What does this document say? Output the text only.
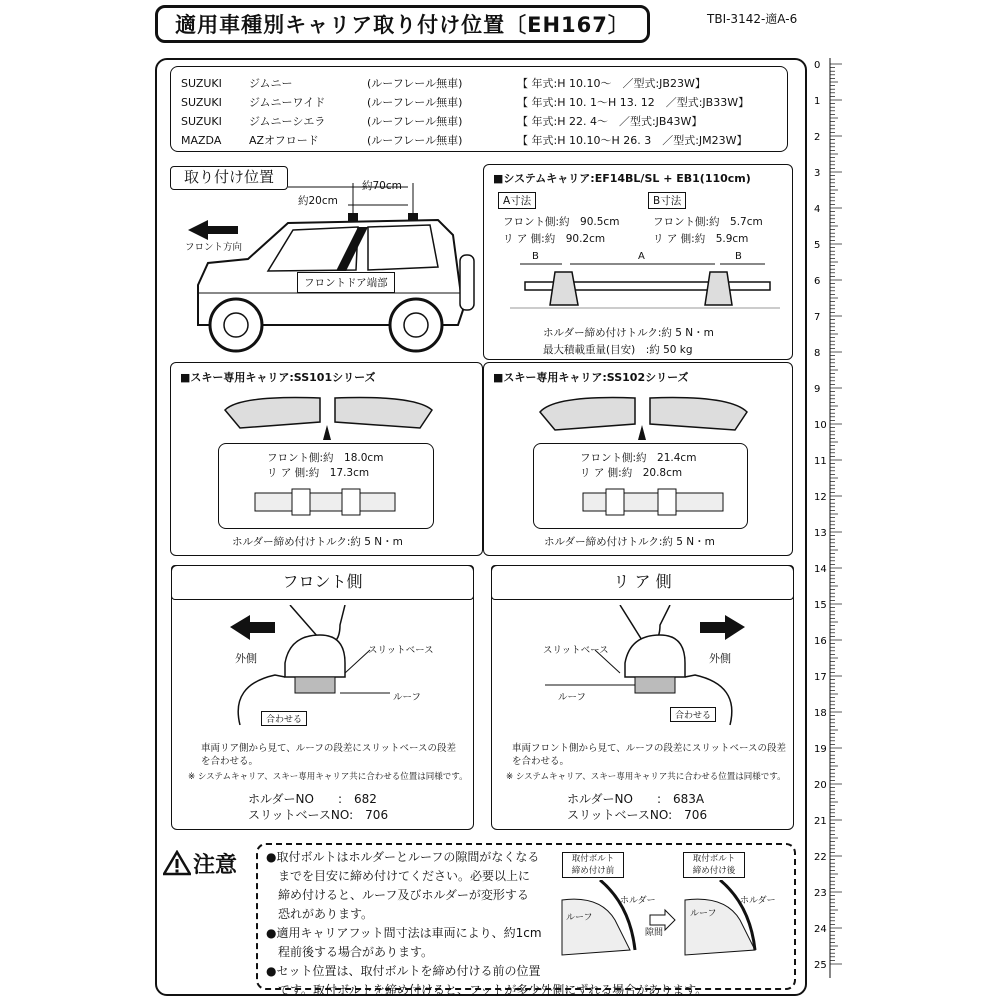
適用車種別キャリア取り付け位置〔EH167〕	TBI-3142-適A-6
SUZUKI ジムニー	(ルーフレール無車)	【 年式:H 10.10〜　／型式:JB23W】
SUZUKI ジムニーワイド	(ルーフレール無車)	【 年式:H 10. 1〜H 13. 12　／型式:JB33W】
SUZUKI ジムニーシエラ	(ルーフレール無車)	【 年式:H 22. 4〜　／型式:JB43W】
MAZDA	AZオフロード	(ルーフレール無車)	【 年式:H 10.10〜H 26. 3　／型式:JM23W】
取り付け位置
約20cm
約70cm
フロント方向
フロントドア端部
■システムキャリア:EF14BL/SL + EB1(110cm)
A寸法	B寸法
フロント側:約　90.5cm
リ ア 側:約　90.2cm
フロント側:約　5.7cm
リ ア 側:約　5.9cm
B	A	B
ホルダー締め付けトルク:約 5 N・m
最大積載重量(目安)　:約 50 kg
■スキー専用キャリア:SS101シリーズ	■スキー専用キャリア:SS102シリーズ
フロント側:約　18.0cm
リ ア 側:約　17.3cm
フロント側:約　21.4cm
リ ア 側:約　20.8cm
ホルダー締め付けトルク:約 5 N・m	ホルダー締め付けトルク:約 5 N・m
フロント側
外側
スリットベース
ルーフ
合わせる
車両リア側から見て、ルーフの段差にスリットベースの段差
を合わせる。
※ システムキャリア、スキー専用キャリア共に合わせる位置は同様です。
ホルダーNO　　:　682
スリットベースNO:　706
リ ア 側
外側
スリットベース
ルーフ
合わせる
車両フロント側から見て、ルーフの段差にスリットベースの段差
を合わせる。
※ システムキャリア、スキー専用キャリア共に合わせる位置は同様です。
ホルダーNO　　:　683A
スリットベースNO:　706
注意 ●取付ボルトはホルダーとルーフの隙間がなくなる
　までを目安に締め付けてください。必要以上に
　締め付けると、ルーフ及びホルダーが変形する
　恐れがあります。
●適用キャリアフット間寸法は車両により、約1cm
　程前後する場合があります。
●セット位置は、取付ボルトを締め付ける前の位置
　です。取付ボルトを締め付けると、フットが多少外側にずれる場合があります。
取付ボルト
締め付け前
取付ボルト
締め付け後
ホルダー
ルーフ
隙間
ホルダー
ルーフ
0
1
2
3
4
5
6
7
8
9
10
11
12
13
14
15
16
17
18
19
20
21
22
23
24
25
